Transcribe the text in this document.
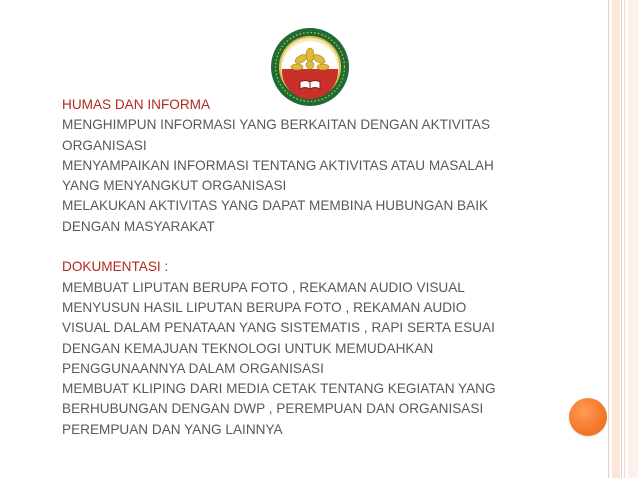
HUMAS DAN INFORMA
MENGHIMPUN INFORMASI YANG BERKAITAN DENGAN AKTIVITAS
ORGANISASI
MENYAMPAIKAN INFORMASI TENTANG AKTIVITAS ATAU MASALAH
YANG MENYANGKUT ORGANISASI
MELAKUKAN AKTIVITAS YANG DAPAT MEMBINA HUBUNGAN BAIK
DENGAN MASYARAKAT
DOKUMENTASI :
MEMBUAT LIPUTAN BERUPA FOTO , REKAMAN AUDIO VISUAL
MENYUSUN HASIL LIPUTAN BERUPA FOTO , REKAMAN AUDIO
VISUAL DALAM PENATAAN YANG SISTEMATIS , RAPI SERTA ESUAI
DENGAN KEMAJUAN TEKNOLOGI UNTUK MEMUDAHKAN
PENGGUNAANNYA DALAM ORGANISASI
MEMBUAT KLIPING DARI MEDIA CETAK TENTANG KEGIATAN YANG
BERHUBUNGAN DENGAN DWP , PEREMPUAN DAN ORGANISASI
PEREMPUAN DAN YANG LAINNYA
